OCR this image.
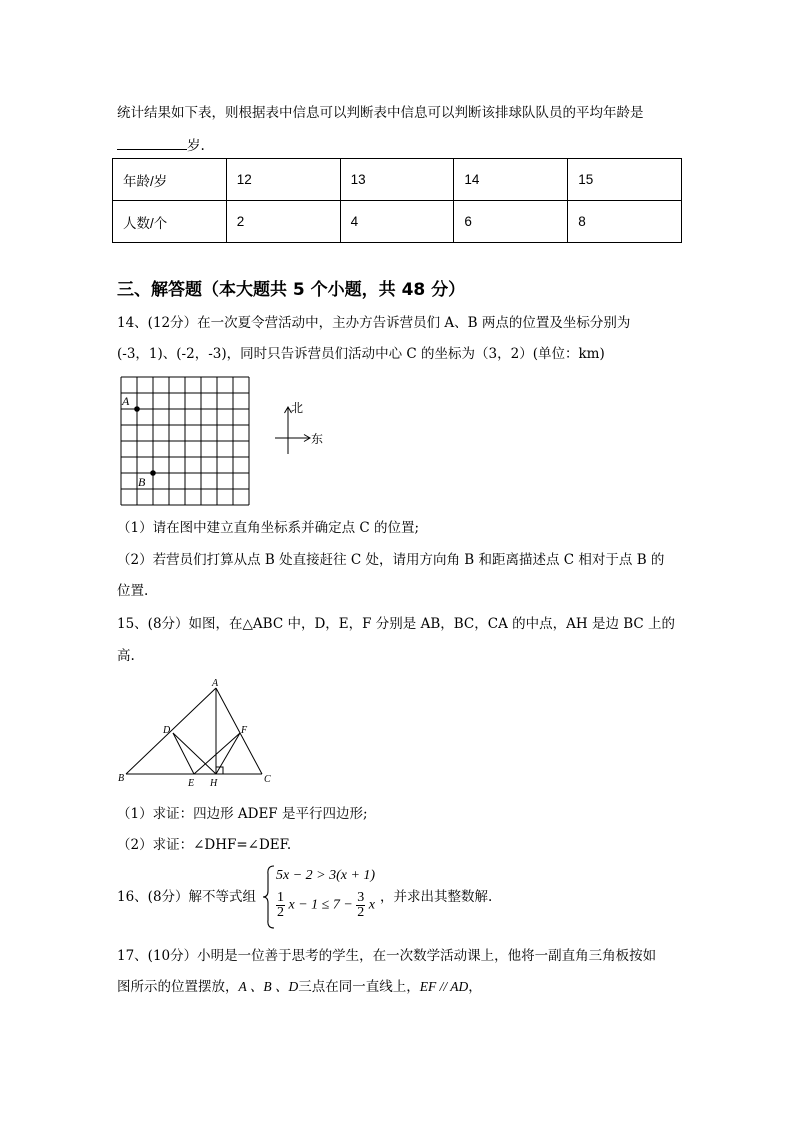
统计结果如下表，则根据表中信息可以判断表中信息可以判断该排球队队员的平均年龄是
岁.
年龄/岁	12	13	14	15
人数/个	2	4	6	8
三、解答题（本大题共 5 个小题，共 48 分）
14、(12分）在一次夏令营活动中，主办方告诉营员们 A、B 两点的位置及坐标分别为
(-3，1)、(-2，-3)，同时只告诉营员们活动中心 C 的坐标为（3，2）(单位：km)
A
B
北
东
（1）请在图中建立直角坐标系并确定点 C 的位置;
（2）若营员们打算从点 B 处直接赶往 C 处，请用方向角 B 和距离描述点 C 相对于点 B 的
位置.
15、(8分）如图，在△ABC 中，D，E，F 分别是 AB，BC，CA 的中点，AH 是边 BC 上的
高.
A
B	C
D
E
F
H
（1）求证：四边形 ADEF 是平行四边形;
（2）求证：∠DHF=∠DEF.
16、(8分）解不等式组
5x − 2 > 3(x + 1)
$\frac{1}{2}$ $x - 1 \le 7 - \frac{3}{2}$ x
，并求出其整数解.
17、(10分）小明是一位善于思考的学生，在一次数学活动课上，他将一副直角三角板按如
图所示的位置摆放，A 、B 、D三点在同一直线上，EF // AD，
